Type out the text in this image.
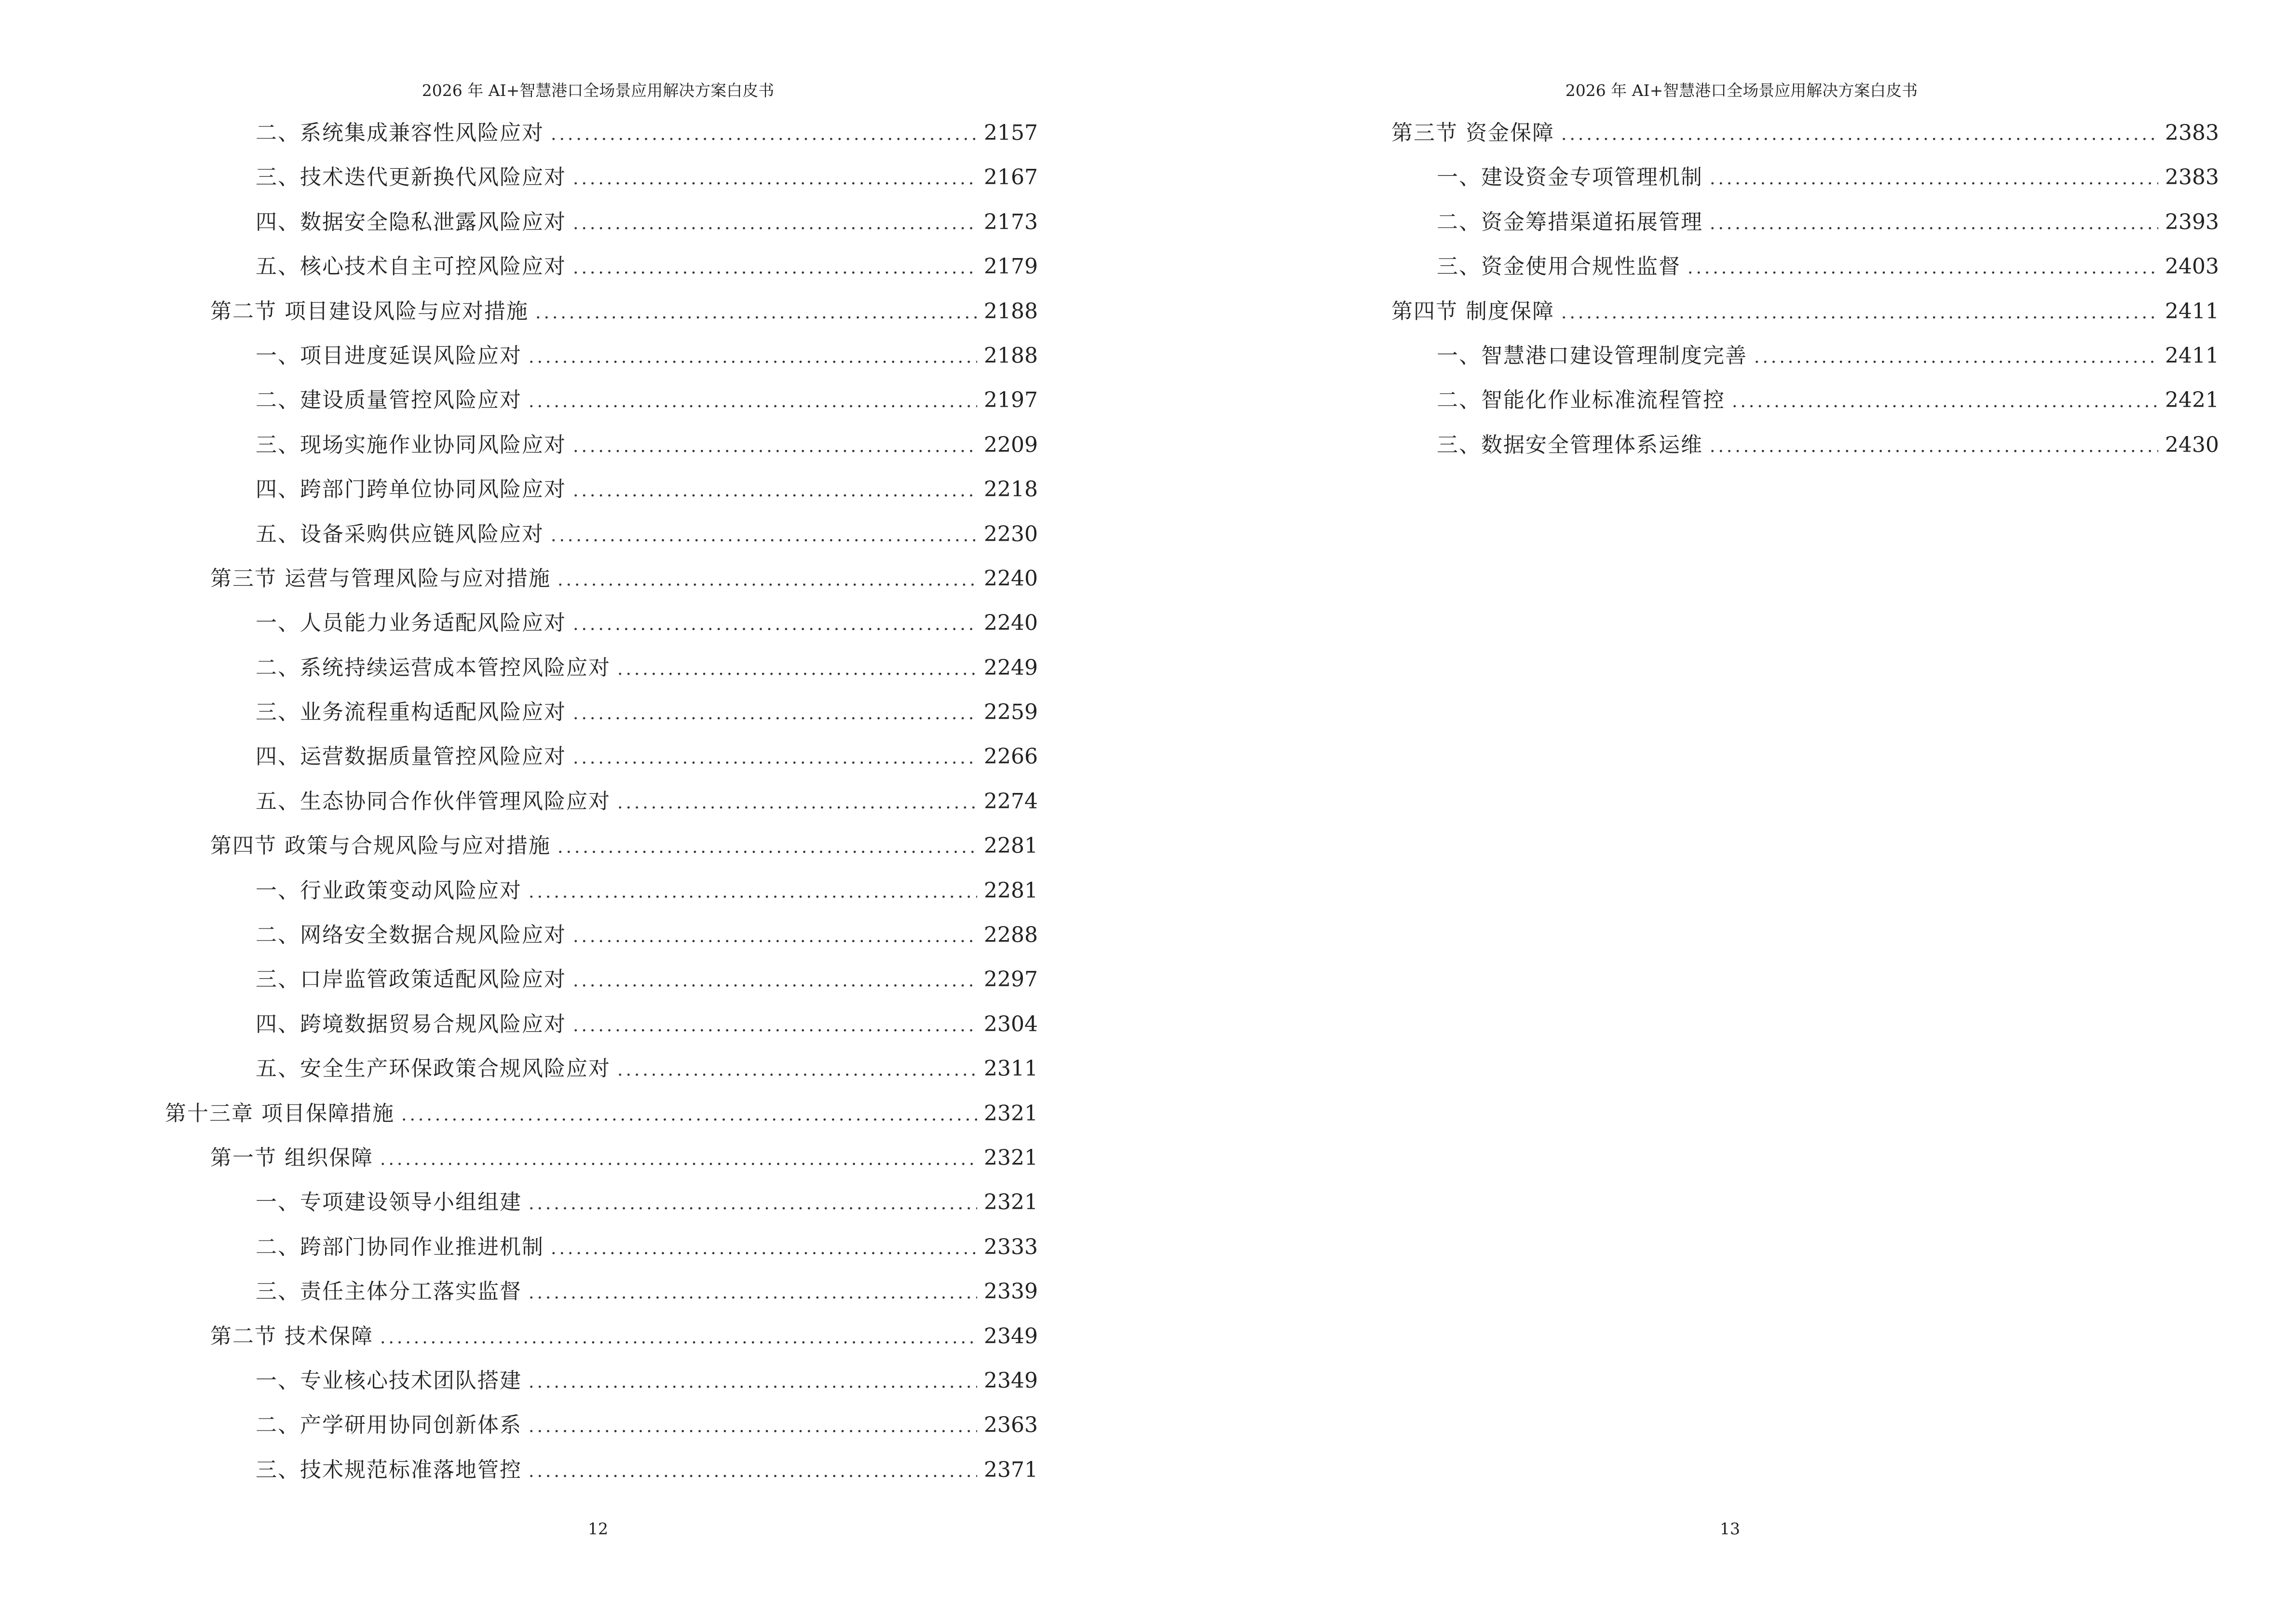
2026 年 AI+智慧港口全场景应用解决方案白皮书
二、系统集成兼容性风险应对 .....	2157
三、技术迭代更新换代风险应对 .....	2167
四、数据安全隐私泄露风险应对 .....	2173
五、核心技术自主可控风险应对 .....	2179
第二节 项目建设风险与应对措施 .....	2188
一、项目进度延误风险应对 .....	2188
二、建设质量管控风险应对 .....	2197
三、现场实施作业协同风险应对 .....	2209
四、跨部门跨单位协同风险应对 .....	2218
五、设备采购供应链风险应对 .....	2230
第三节 运营与管理风险与应对措施 .....	2240
一、人员能力业务适配风险应对 .....	2240
二、系统持续运营成本管控风险应对 .....	2249
三、业务流程重构适配风险应对 .....	2259
四、运营数据质量管控风险应对 .....	2266
五、生态协同合作伙伴管理风险应对 .....	2274
第四节 政策与合规风险与应对措施 .....	2281
一、行业政策变动风险应对 .....	2281
二、网络安全数据合规风险应对 .....	2288
三、口岸监管政策适配风险应对 .....	2297
四、跨境数据贸易合规风险应对 .....	2304
五、安全生产环保政策合规风险应对 .....	2311
第十三章 项目保障措施 .....	2321
第一节 组织保障 .....	2321
一、专项建设领导小组组建 .....	2321
二、跨部门协同作业推进机制 .....	2333
三、责任主体分工落实监督 .....	2339
第二节 技术保障 .....	2349
一、专业核心技术团队搭建 .....	2349
二、产学研用协同创新体系 .....	2363
三、技术规范标准落地管控 .....	2371
12
2026 年 AI+智慧港口全场景应用解决方案白皮书
第三节 资金保障 .....	2383
一、建设资金专项管理机制 .....	2383
二、资金筹措渠道拓展管理 .....	2393
三、资金使用合规性监督 .....	2403
第四节 制度保障 .....	2411
一、智慧港口建设管理制度完善 .....	2411
二、智能化作业标准流程管控 .....	2421
三、数据安全管理体系运维 .....	2430
13
